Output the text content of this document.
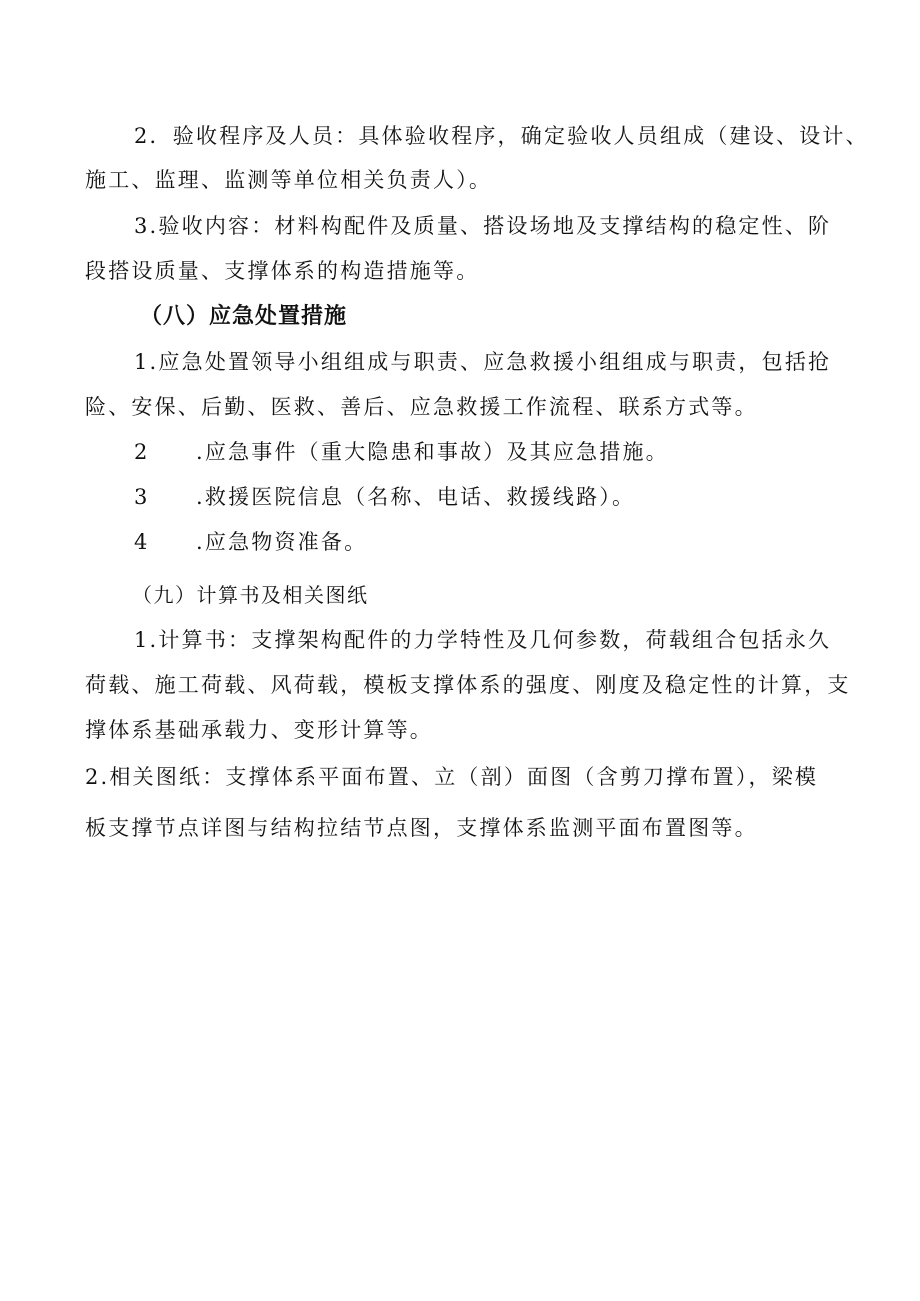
2．验收程序及人员：具体验收程序，确定验收人员组成（建设、设计、
施工、监理、监测等单位相关负责人）。
3.验收内容：材料构配件及质量、搭设场地及支撑结构的稳定性、阶
段搭设质量、支撑体系的构造措施等。
（八）应急处置措施
1.应急处置领导小组组成与职责、应急救援小组组成与职责，包括抢
险、安保、后勤、医救、善后、应急救援工作流程、联系方式等。
2 .应急事件（重大隐患和事故）及其应急措施。
3 .救援医院信息（名称、电话、救援线路）。
4 .应急物资准备。
（九）计算书及相关图纸
1.计算书：支撑架构配件的力学特性及几何参数，荷载组合包括永久
荷载、施工荷载、风荷载，模板支撑体系的强度、刚度及稳定性的计算，支
撑体系基础承载力、变形计算等。
2.相关图纸：支撑体系平面布置、立（剖）面图（含剪刀撑布置），梁模
板支撑节点详图与结构拉结节点图，支撑体系监测平面布置图等。
